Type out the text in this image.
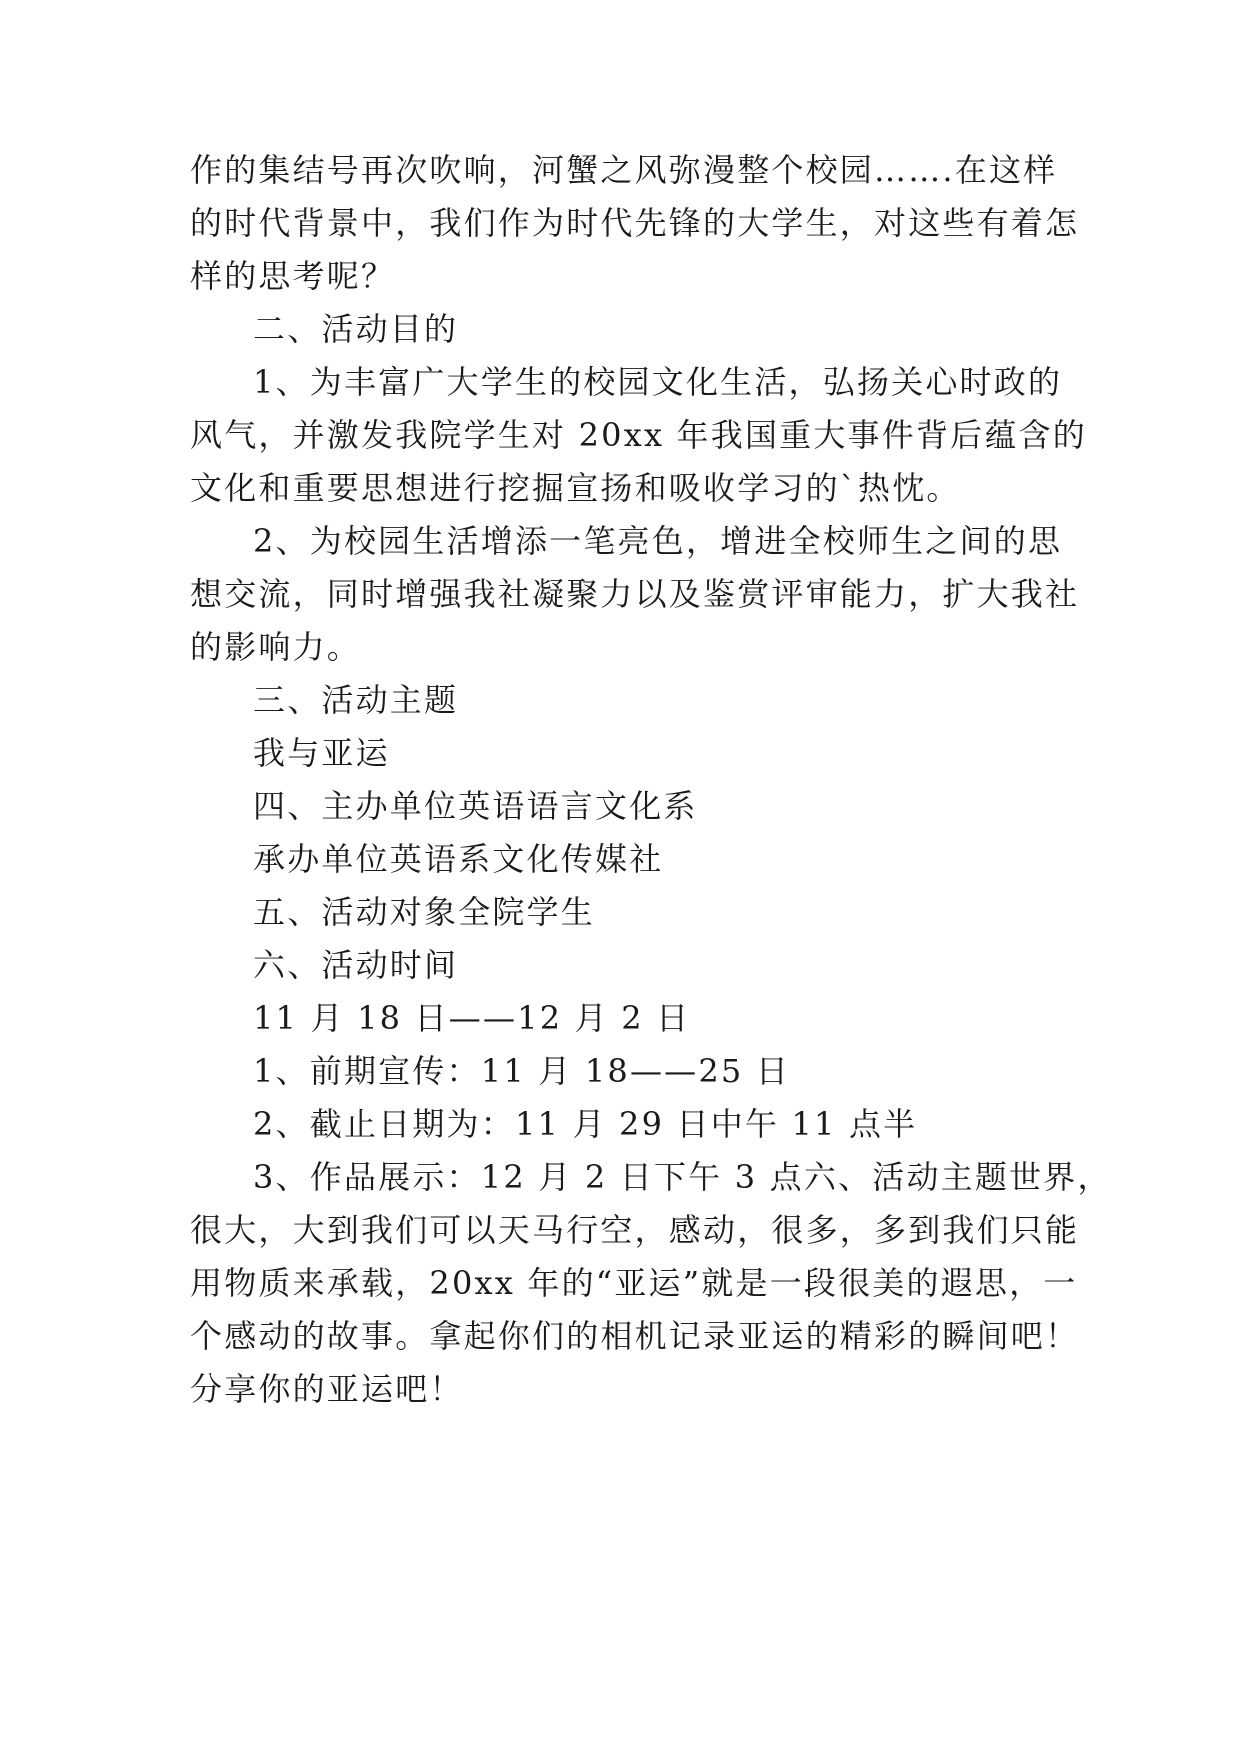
作的集结号再次吹响，河蟹之风弥漫整个校园…….在这样
的时代背景中，我们作为时代先锋的大学生，对这些有着怎
样的思考呢？
二、活动目的
1、为丰富广大学生的校园文化生活，弘扬关心时政的
风气，并激发我院学生对 20xx 年我国重大事件背后蕴含的
文化和重要思想进行挖掘宣扬和吸收学习的`热忱。
2、为校园生活增添一笔亮色，增进全校师生之间的思
想交流，同时增强我社凝聚力以及鉴赏评审能力，扩大我社
的影响力。
三、活动主题
我与亚运
四、主办单位英语语言文化系
承办单位英语系文化传媒社
五、活动对象全院学生
六、活动时间
11 月 18 日——12 月 2 日
1、前期宣传：11 月 18——25 日
2、截止日期为：11 月 29 日中午 11 点半
3、作品展示：12 月 2 日下午 3 点六、活动主题世界，
很大，大到我们可以天马行空，感动，很多，多到我们只能
用物质来承载，20xx 年的“亚运”就是一段很美的遐思，一
个感动的故事。拿起你们的相机记录亚运的精彩的瞬间吧！
分享你的亚运吧！
